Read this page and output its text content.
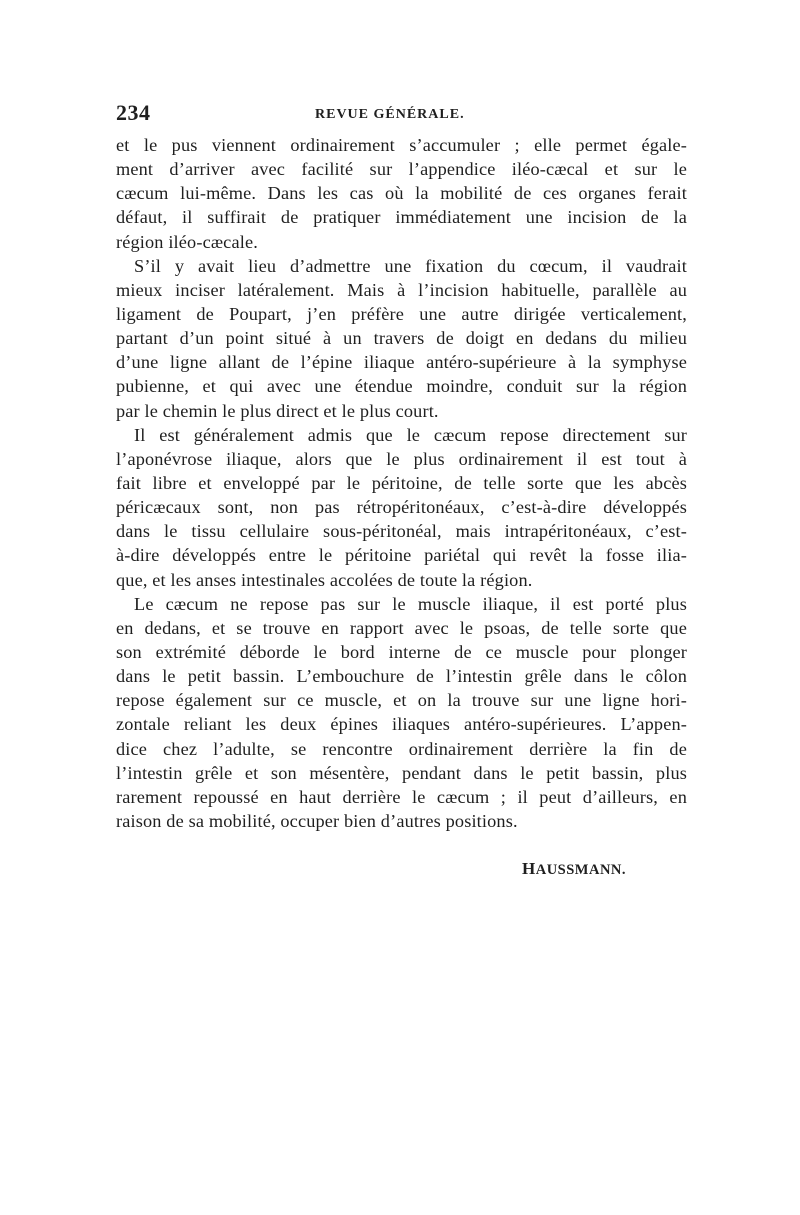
234	REVUE GÉNÉRALE.
et le pus viennent ordinairement s’accumuler ; elle permet égale-
ment d’arriver avec facilité sur l’appendice iléo-cæcal et sur le
cæcum lui-même. Dans les cas où la mobilité de ces organes ferait
défaut, il suffirait de pratiquer immédiatement une incision de la
région iléo-cæcale.
S’il y avait lieu d’admettre une fixation du cœcum, il vaudrait
mieux inciser latéralement. Mais à l’incision habituelle, parallèle au
ligament de Poupart, j’en préfère une autre dirigée verticalement,
partant d’un point situé à un travers de doigt en dedans du milieu
d’une ligne allant de l’épine iliaque antéro-supérieure à la symphyse
pubienne, et qui avec une étendue moindre, conduit sur la région
par le chemin le plus direct et le plus court.
Il est généralement admis que le cæcum repose directement sur
l’aponévrose iliaque, alors que le plus ordinairement il est tout à
fait libre et enveloppé par le péritoine, de telle sorte que les abcès
péricæcaux sont, non pas rétropéritonéaux, c’est-à-dire développés
dans le tissu cellulaire sous-péritonéal, mais intrapéritonéaux, c’est-
à-dire développés entre le péritoine pariétal qui revêt la fosse ilia-
que, et les anses intestinales accolées de toute la région.
Le cæcum ne repose pas sur le muscle iliaque, il est porté plus
en dedans, et se trouve en rapport avec le psoas, de telle sorte que
son extrémité déborde le bord interne de ce muscle pour plonger
dans le petit bassin. L’embouchure de l’intestin grêle dans le côlon
repose également sur ce muscle, et on la trouve sur une ligne hori-
zontale reliant les deux épines iliaques antéro-supérieures. L’appen-
dice chez l’adulte, se rencontre ordinairement derrière la fin de
l’intestin grêle et son mésentère, pendant dans le petit bassin, plus
rarement repoussé en haut derrière le cæcum ; il peut d’ailleurs, en
raison de sa mobilité, occuper bien d’autres positions.
HAUSSMANN.
